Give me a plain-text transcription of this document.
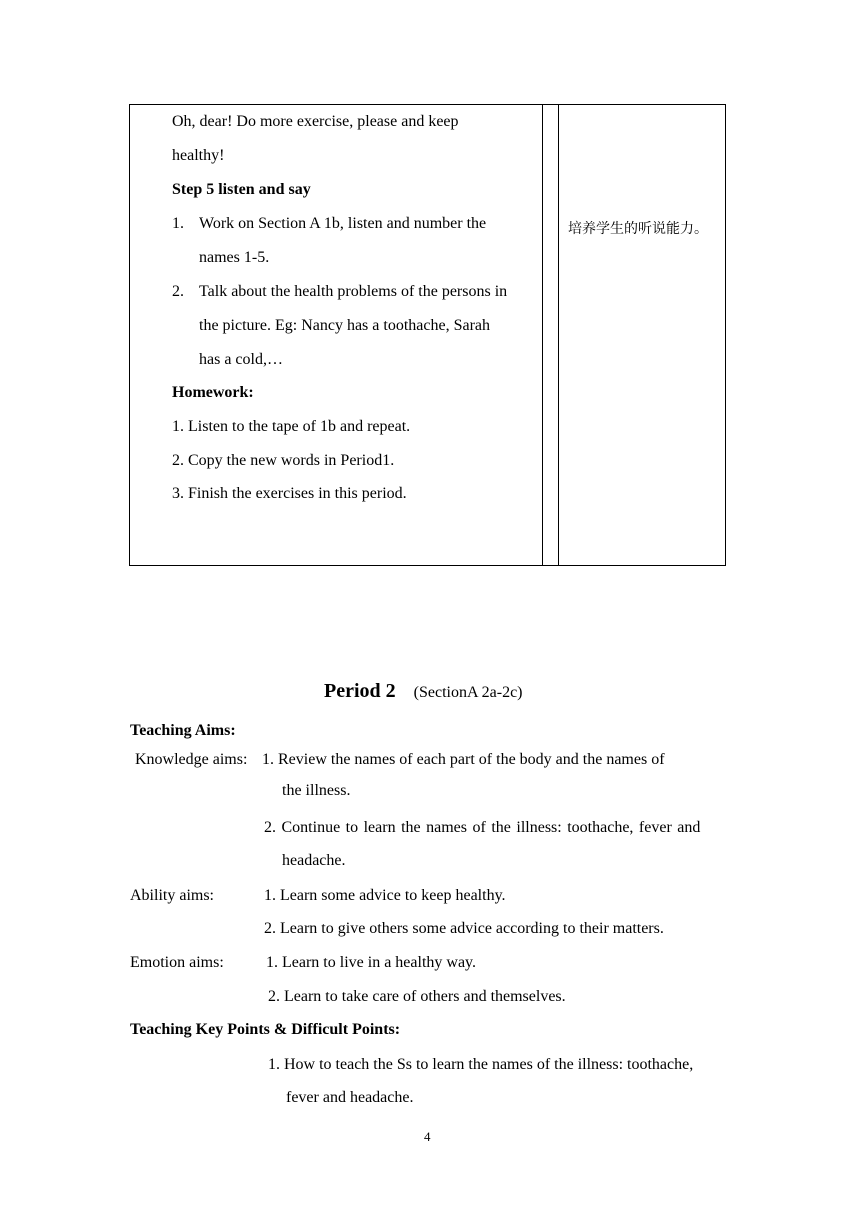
Oh, dear! Do more exercise, please and keep
healthy!
Step 5 listen and say
1. Work on Section A 1b, listen and number the
names 1-5.
2. Talk about the health problems of the persons in
the picture. Eg: Nancy has a toothache, Sarah
has a cold,…
Homework:
1. Listen to the tape of 1b and repeat.
2. Copy the new words in Period1.
3. Finish the exercises in this period.
培养学生的听说能力。
Period 2 (SectionA 2a-2c)
Teaching Aims:
Knowledge aims: 1. Review the names of each part of the body and the names of
the illness.
2. Continue to learn the names of the illness: toothache, fever and
headache.
Ability aims:	1. Learn some advice to keep healthy.
2. Learn to give others some advice according to their matters.
Emotion aims:	1. Learn to live in a healthy way.
2. Learn to take care of others and themselves.
Teaching Key Points & Difficult Points:
1. How to teach the Ss to learn the names of the illness: toothache,
fever and headache.
4
